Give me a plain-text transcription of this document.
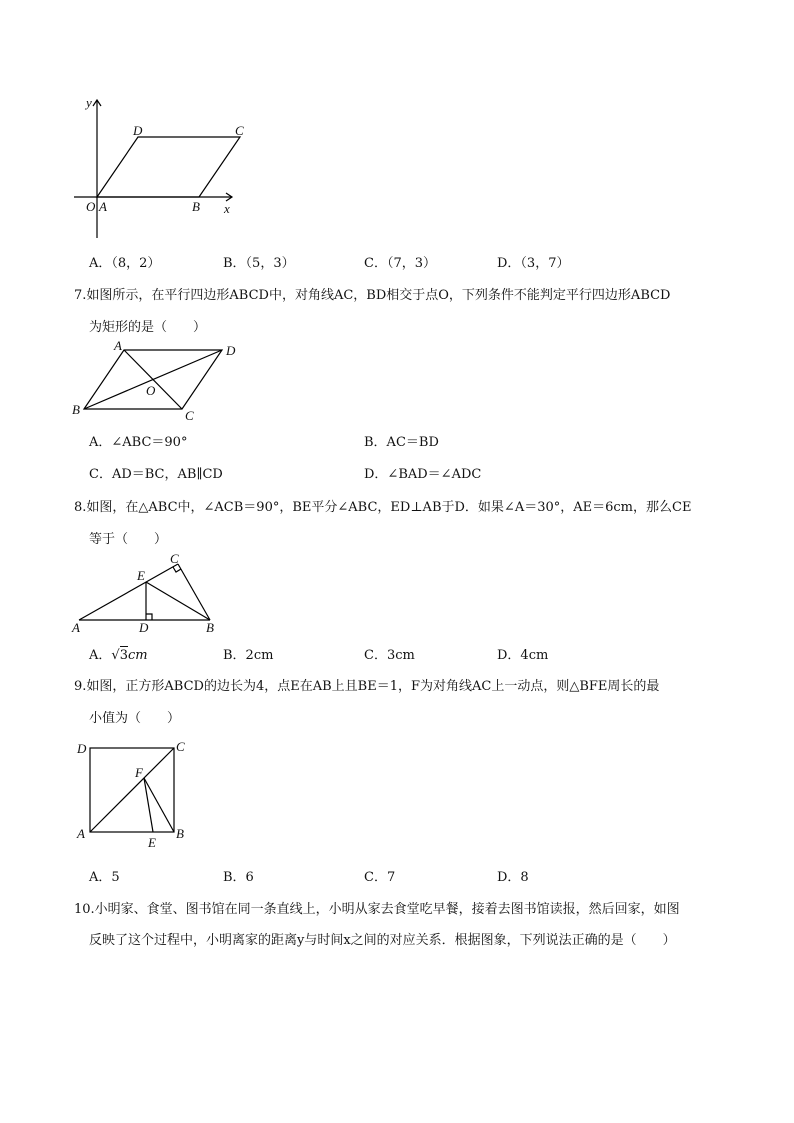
y
x
O A	B
C
D
A．（8，2）	B．（5，3）	C．（7，3）	D．（3，7）
7.如图所示，在平行四边形ABCD中，对角线AC，BD相交于点O，下列条件不能判定平行四边形ABCD
为矩形的是（　　）
A
B	C
D
O
A．∠ABC＝90°	B．AC＝BD
C．AD＝BC，AB∥CD	D．∠BAD＝∠ADC
8.如图，在△ABC中，∠ACB＝90°，BE平分∠ABC，ED⊥AB于D．如果∠A＝30°，AE＝6cm，那么CE
等于（　　）
A	B
C
D
E
A．√3cm	B．2cm	C．3cm	D．4cm
9.如图，正方形ABCD的边长为4，点E在AB上且BE＝1，F为对角线AC上一动点，则△BFE周长的最
小值为（　　）
A	B
C
D
E
F
A．5	B．6	C．7	D．8
10.小明家、食堂、图书馆在同一条直线上，小明从家去食堂吃早餐，接着去图书馆读报，然后回家，如图
反映了这个过程中，小明离家的距离y与时间x之间的对应关系．根据图象，下列说法正确的是（　　）
